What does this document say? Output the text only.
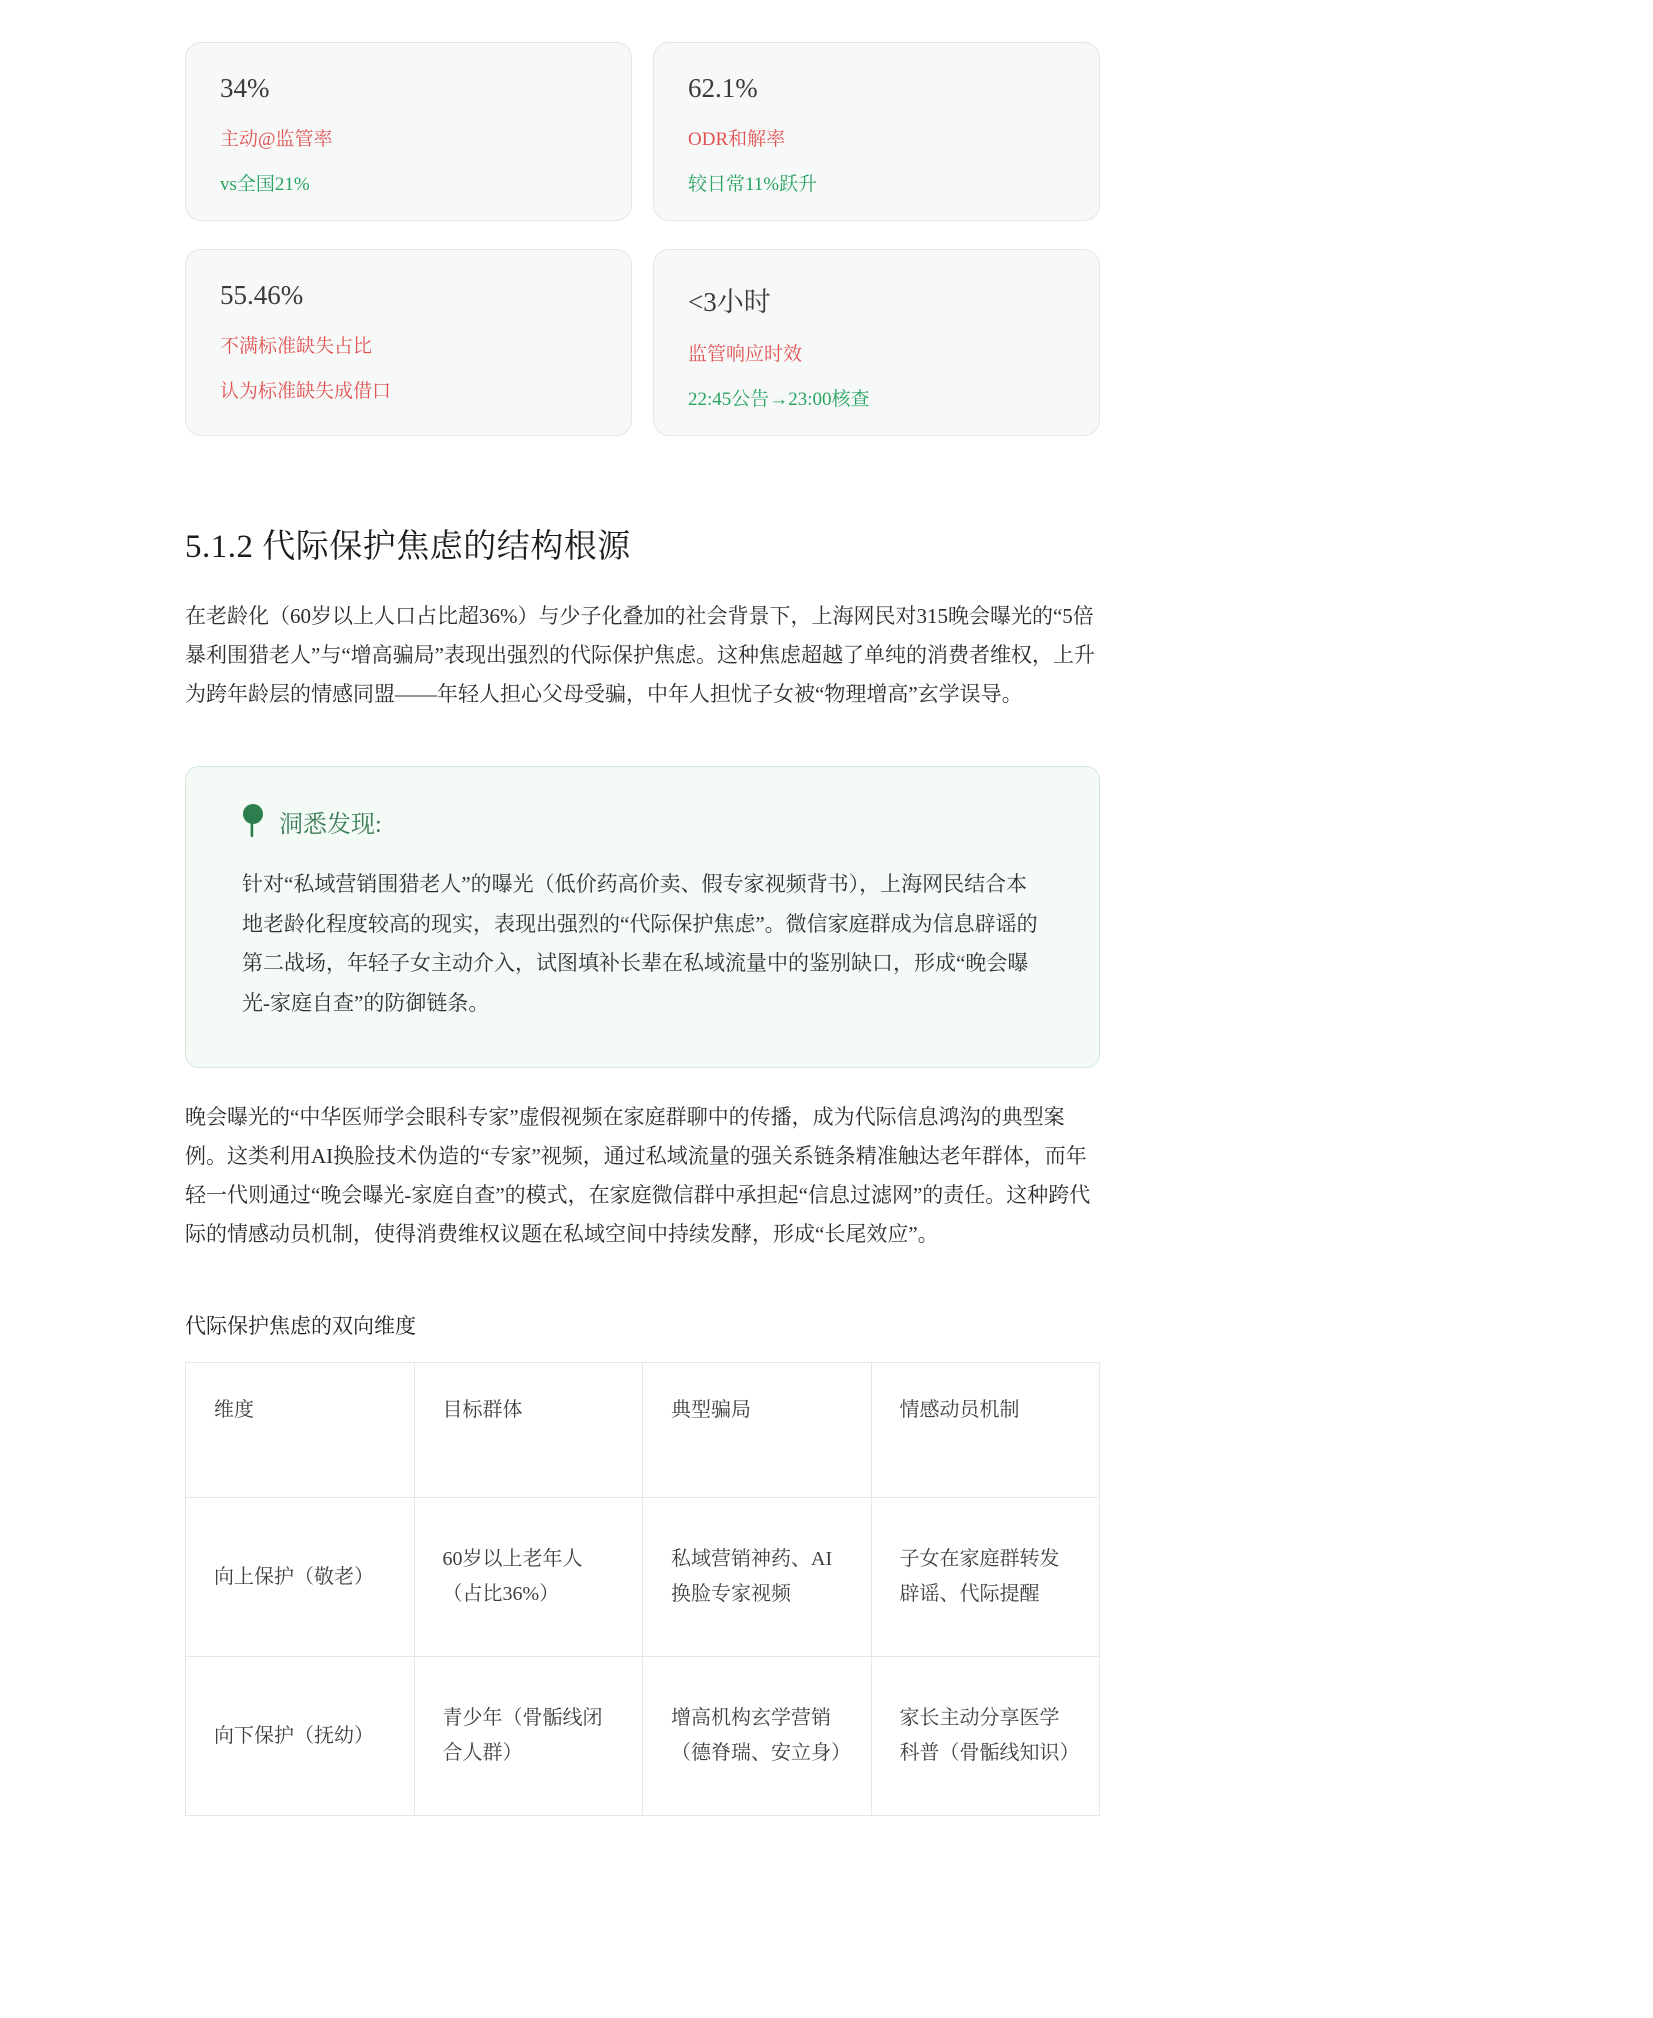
34%
主动@监管率
vs全国21%
62.1%
ODR和解率
较日常11%跃升
55.46%
不满标准缺失占比
认为标准缺失成借口
<3小时
监管响应时效
22:45公告→23:00核查
5.1.2 代际保护焦虑的结构根源

在老龄化（60岁以上人口占比超36%）与少子化叠加的社会背景下，上海网民对315晚会曝光的“5倍暴利围猎老人”与“增高骗局”表现出强烈的代际保护焦虑。这种焦虑超越了单纯的消费者维权，上升为跨年龄层的情感同盟——年轻人担心父母受骗，中年人担忧子女被“物理增高”玄学误导。

洞悉发现:

针对“私域营销围猎老人”的曝光（低价药高价卖、假专家视频背书），上海网民结合本地老龄化程度较高的现实，表现出强烈的“代际保护焦虑”。微信家庭群成为信息辟谣的第二战场，年轻子女主动介入，试图填补长辈在私域流量中的鉴别缺口，形成“晚会曝光-家庭自查”的防御链条。

晚会曝光的“中华医师学会眼科专家”虚假视频在家庭群聊中的传播，成为代际信息鸿沟的典型案例。这类利用AI换脸技术伪造的“专家”视频，通过私域流量的强关系链条精准触达老年群体，而年轻一代则通过“晚会曝光-家庭自查”的模式，在家庭微信群中承担起“信息过滤网”的责任。这种跨代际的情感动员机制，使得消费维权议题在私域空间中持续发酵，形成“长尾效应”。

代际保护焦虑的双向维度

维度	目标群体	典型骗局	情感动员机制
向上保护（敬老）	60岁以上老年人（占比36%）	私域营销神药、AI换脸专家视频	子女在家庭群转发辟谣、代际提醒
向下保护（抚幼）	青少年（骨骺线闭合人群）	增高机构玄学营销（德脊瑞、安立身）	家长主动分享医学科普（骨骺线知识）
